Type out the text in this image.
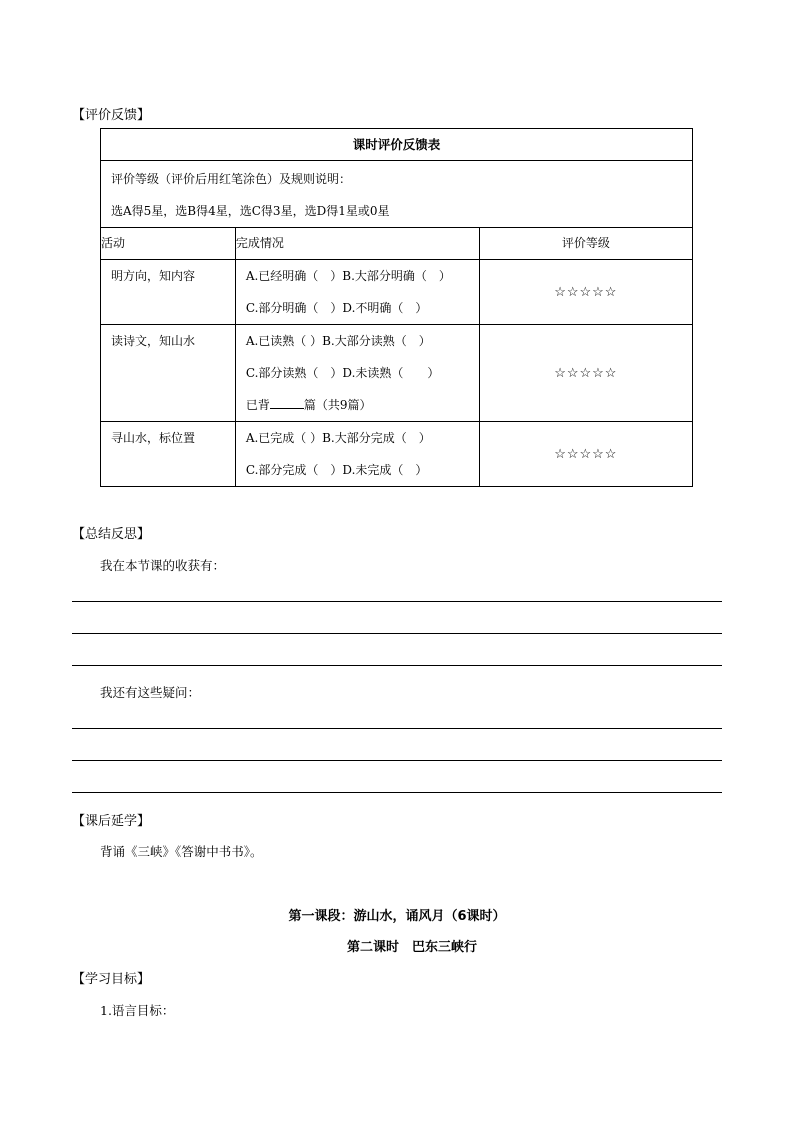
【评价反馈】
课时评价反馈表		

评价等级（评价后用红笔涂色）及规则说明：
选A得5星，选B得4星，选C得3星，选D得1星或0星		

活动	完成情况	评价等级

明方向，知内容	A.已经明确（　）B.大部分明确（　）
C.部分明确（　）D.不明确（　）	☆☆☆☆☆

读诗文，知山水	A.已读熟（ ）B.大部分读熟（　）
C.部分读熟（　）D.未读熟（　　）
已背 篇（共9篇）	☆☆☆☆☆

寻山水，标位置	A.已完成（ ）B.大部分完成（　）
C.部分完成（　）D.未完成（　）	☆☆☆☆☆
【总结反思】
我在本节课的收获有：
我还有这些疑问：
【课后延学】
背诵《三峡》《答谢中书书》。
第一课段：游山水，诵风月（6课时）
第二课时　巴东三峡行
【学习目标】
1.语言目标：
